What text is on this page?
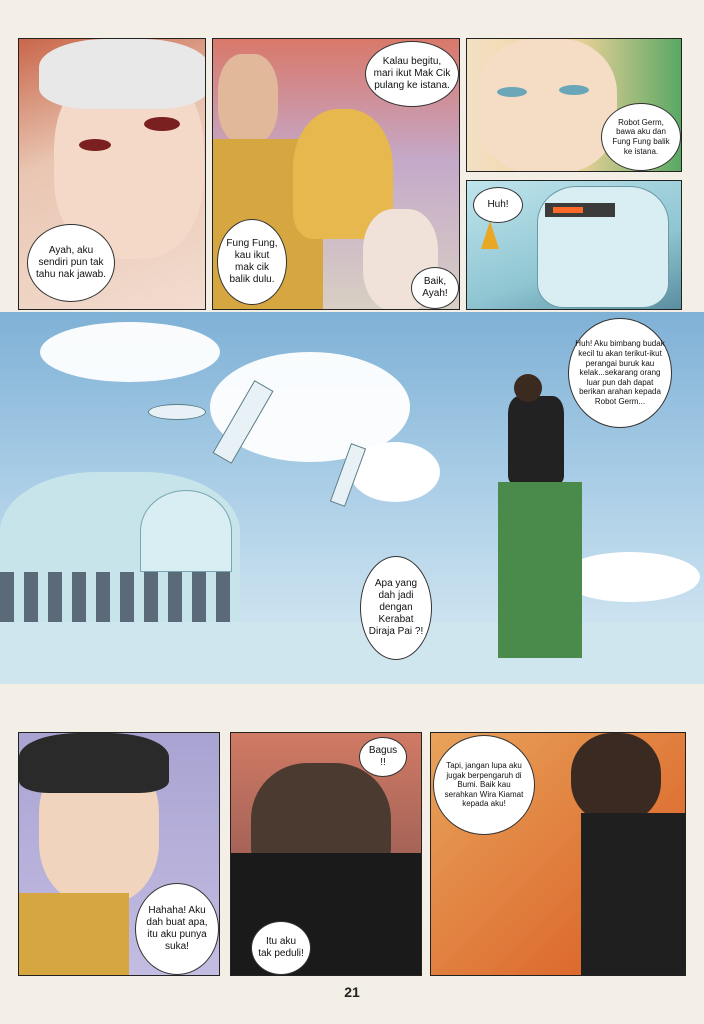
Ayah, aku sendiri pun tak tahu nak jawab.
Kalau begitu, mari ikut Mak Cik pulang ke istana.
Fung Fung, kau ikut mak cik balik dulu.	Baik, Ayah!
Robot Germ, bawa aku dan Fung Fung balik ke istana.
Huh!
Huh! Aku bimbang budak kecil tu akan terikut-ikut perangai buruk kau kelak...sekarang orang luar pun dah dapat berikan arahan kepada Robot Germ...
Apa yang dah jadi dengan Kerabat Diraja Pai ?!
Hahaha! Aku dah buat apa, itu aku punya suka!
Bagus !!
Itu aku tak peduli!
Tapi, jangan lupa aku jugak berpengaruh di Bumi. Baik kau serahkan Wira Kiamat kepada aku!
21
